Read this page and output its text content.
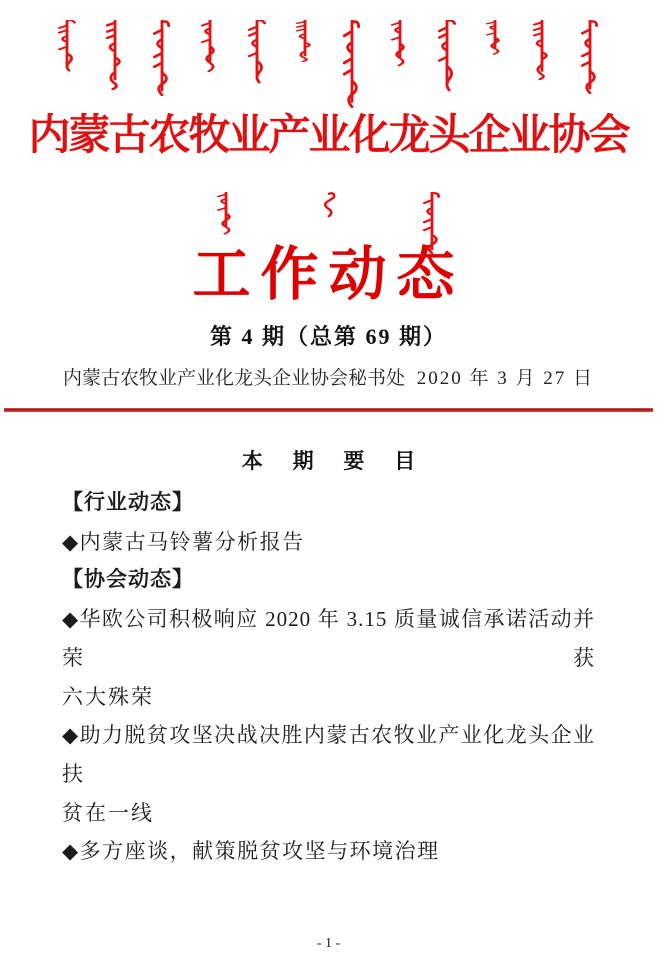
内蒙古农牧业产业化龙头企业协会
工作动态
第 4 期（总第 69 期）
内蒙古农牧业产业化龙头企业协会秘书处 2020 年 3 月 27 日
本 期 要 目
【行业动态】
◆内蒙古马铃薯分析报告
【协会动态】
◆华欧公司积极响应 2020 年 3.15 质量诚信承诺活动并荣获
六大殊荣
◆助力脱贫攻坚决战决胜内蒙古农牧业产业化龙头企业扶
贫在一线
◆多方座谈，献策脱贫攻坚与环境治理
- 1 -
